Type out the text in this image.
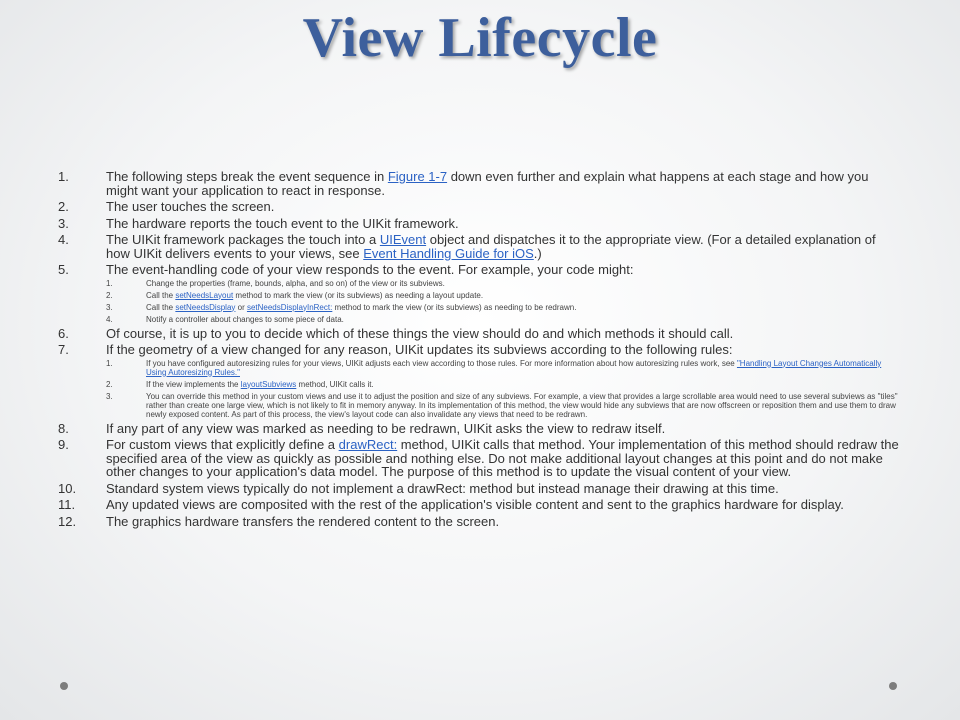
View Lifecycle
1.	The following steps break the event sequence in Figure 1-7 down even further and explain what happens at each stage and how you might want your application to react in response.
2.	The user touches the screen.
3.	The hardware reports the touch event to the UIKit framework.
4.	The UIKit framework packages the touch into a UIEvent object and dispatches it to the appropriate view. (For a detailed explanation of how UIKit delivers events to your views, see Event Handling Guide for iOS.)
5.	The event-handling code of your view responds to the event. For example, your code might:
1.	Change the properties (frame, bounds, alpha, and so on) of the view or its subviews.
2.	Call the setNeedsLayout method to mark the view (or its subviews) as needing a layout update.
3.	Call the setNeedsDisplay or setNeedsDisplayInRect: method to mark the view (or its subviews) as needing to be redrawn.
4.	Notify a controller about changes to some piece of data.
6.	Of course, it is up to you to decide which of these things the view should do and which methods it should call.
7.	If the geometry of a view changed for any reason, UIKit updates its subviews according to the following rules:
1.	If you have configured autoresizing rules for your views, UIKit adjusts each view according to those rules. For more information about how autoresizing rules work, see "Handling Layout Changes Automatically Using Autoresizing Rules."
2.	If the view implements the layoutSubviews method, UIKit calls it.
3.	You can override this method in your custom views and use it to adjust the position and size of any subviews. For example, a view that provides a large scrollable area would need to use several subviews as "tiles" rather than create one large view, which is not likely to fit in memory anyway. In its implementation of this method, the view would hide any subviews that are now offscreen or reposition them and use them to draw newly exposed content. As part of this process, the view's layout code can also invalidate any views that need to be redrawn.
8.	If any part of any view was marked as needing to be redrawn, UIKit asks the view to redraw itself.
9.	For custom views that explicitly define a drawRect: method, UIKit calls that method. Your implementation of this method should redraw the specified area of the view as quickly as possible and nothing else. Do not make additional layout changes at this point and do not make other changes to your application's data model. The purpose of this method is to update the visual content of your view.
10.	Standard system views typically do not implement a drawRect: method but instead manage their drawing at this time.
11.	Any updated views are composited with the rest of the application's visible content and sent to the graphics hardware for display.
12.	The graphics hardware transfers the rendered content to the screen.
